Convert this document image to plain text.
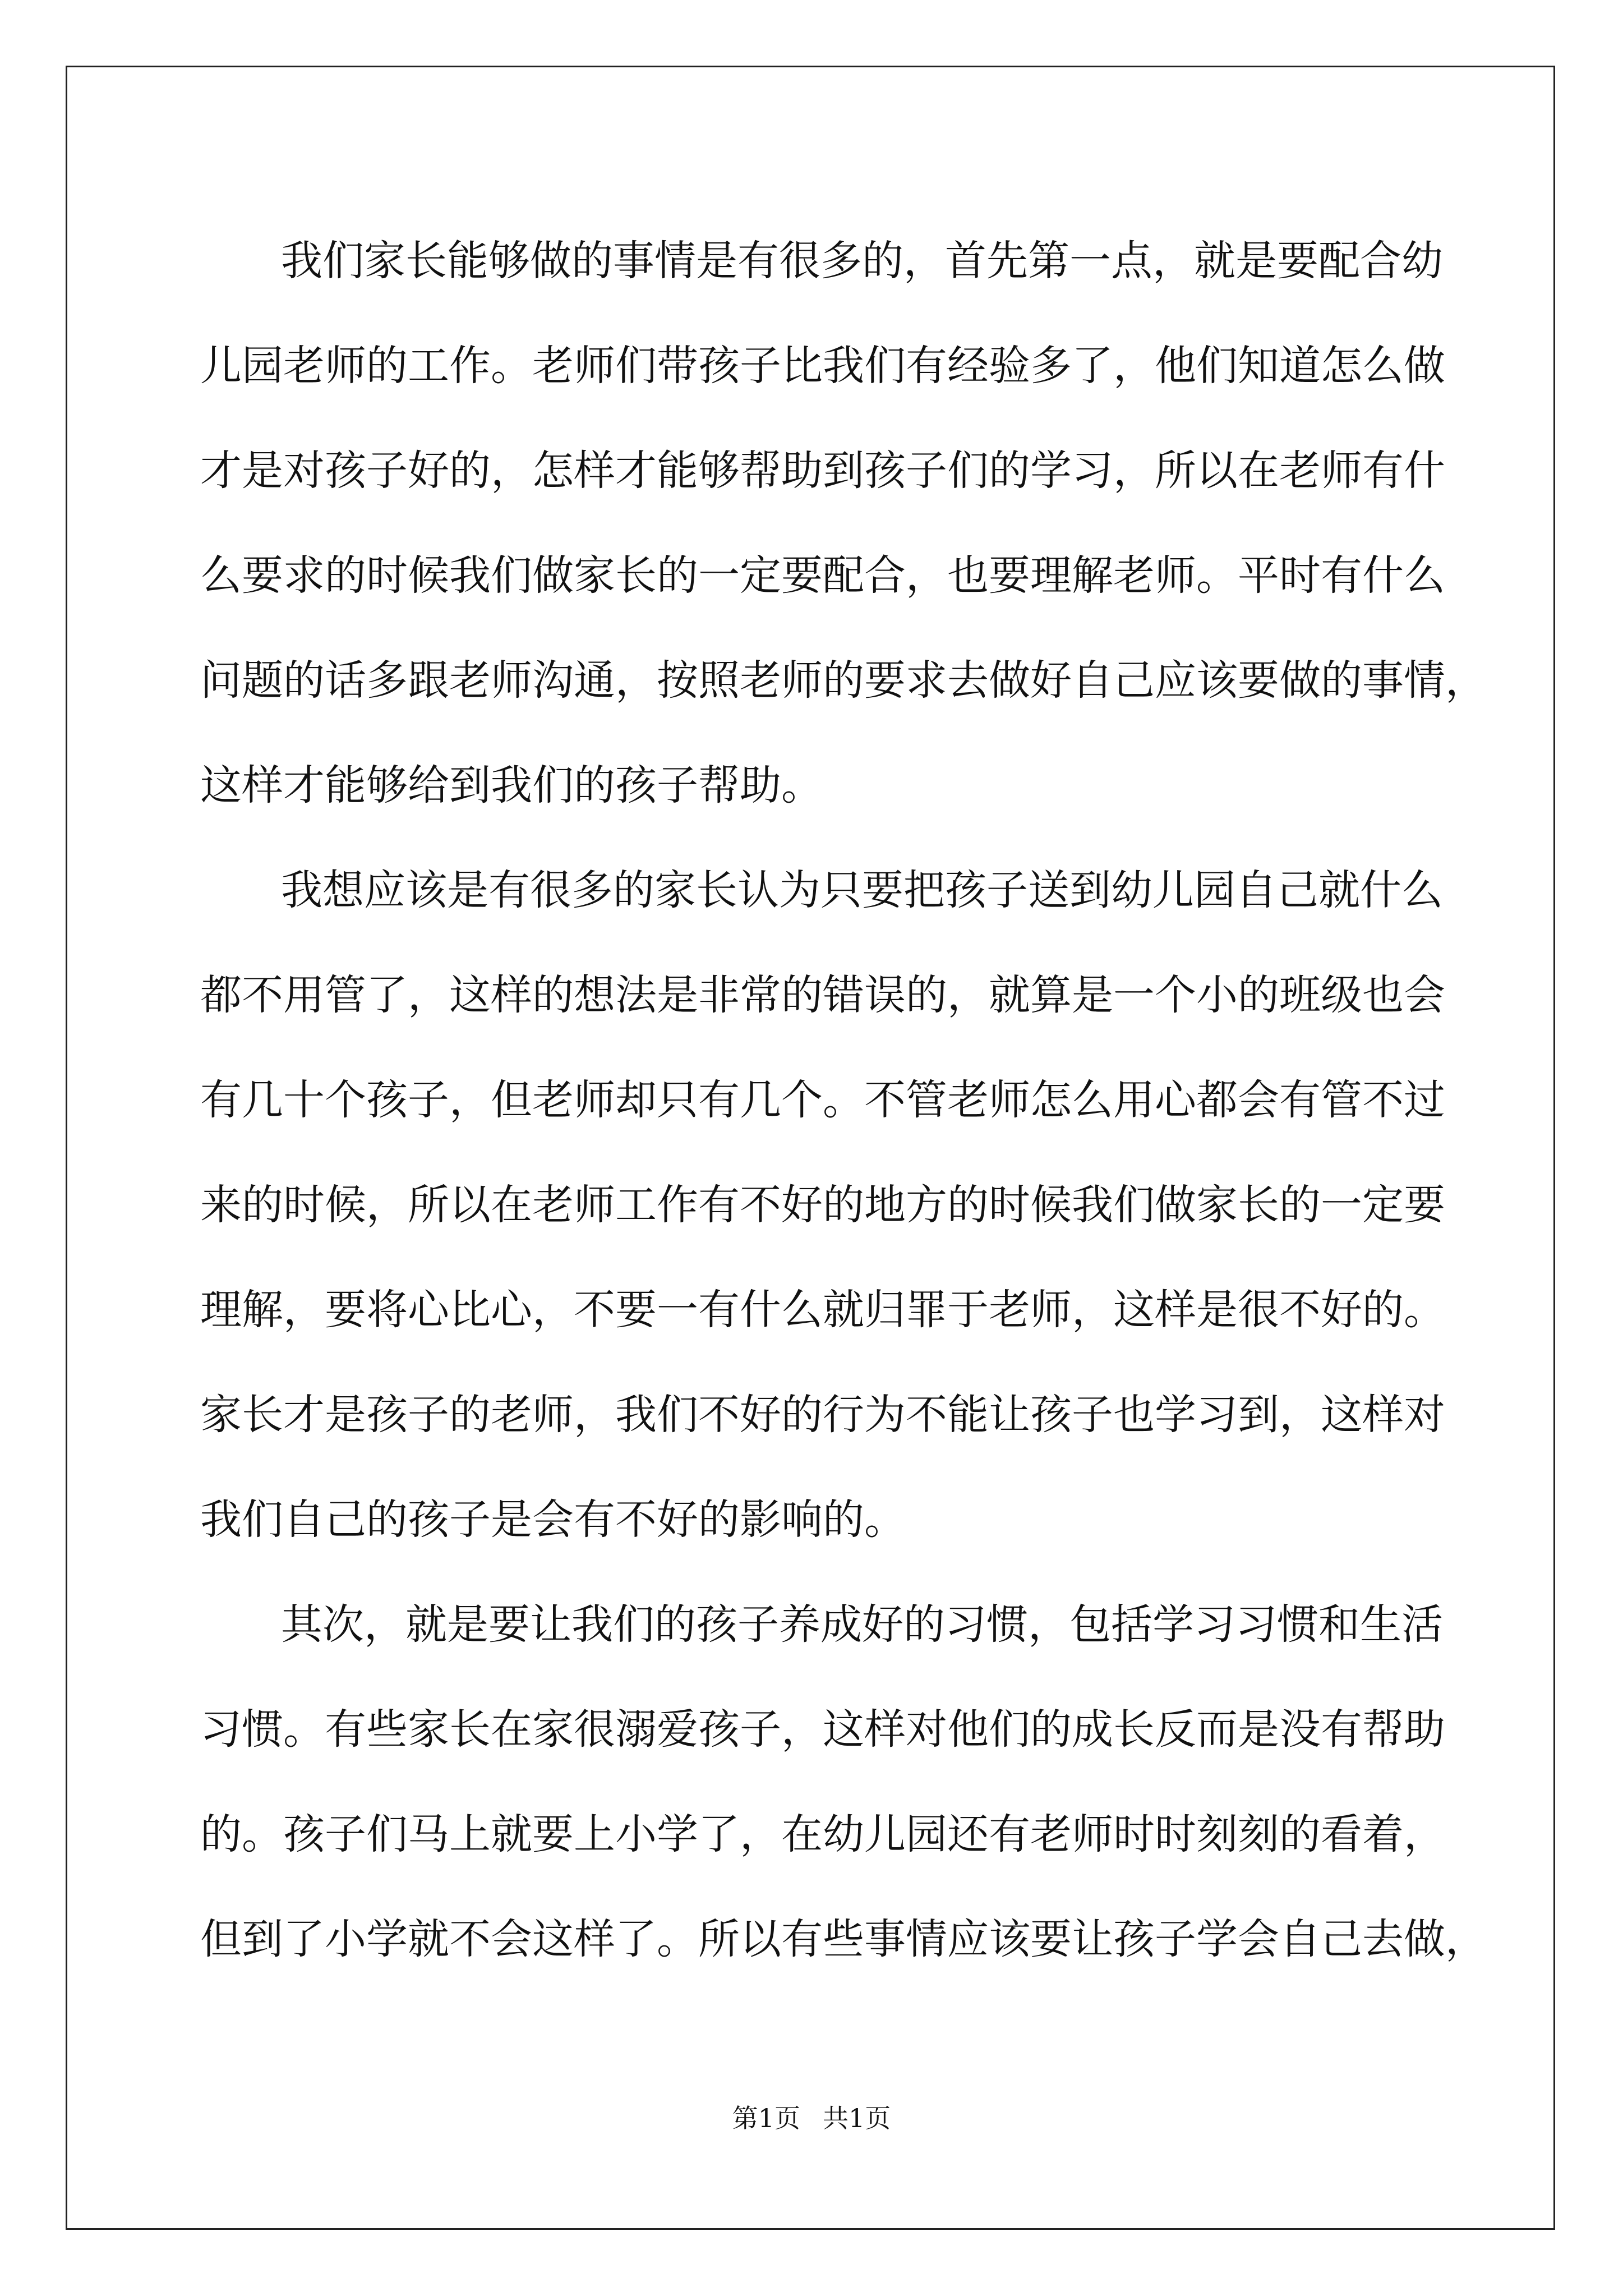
我们家长能够做的事情是有很多的，首先第一点，就是要配合幼
儿园老师的工作。老师们带孩子比我们有经验多了，他们知道怎么做
才是对孩子好的，怎样才能够帮助到孩子们的学习，所以在老师有什
么要求的时候我们做家长的一定要配合，也要理解老师。平时有什么
问题的话多跟老师沟通，按照老师的要求去做好自己应该要做的事情，
这样才能够给到我们的孩子帮助。
我想应该是有很多的家长认为只要把孩子送到幼儿园自己就什么
都不用管了，这样的想法是非常的错误的，就算是一个小的班级也会
有几十个孩子，但老师却只有几个。不管老师怎么用心都会有管不过
来的时候，所以在老师工作有不好的地方的时候我们做家长的一定要
理解，要将心比心，不要一有什么就归罪于老师，这样是很不好的。
家长才是孩子的老师，我们不好的行为不能让孩子也学习到，这样对
我们自己的孩子是会有不好的影响的。
其次，就是要让我们的孩子养成好的习惯，包括学习习惯和生活
习惯。有些家长在家很溺爱孩子，这样对他们的成长反而是没有帮助
的。孩子们马上就要上小学了，在幼儿园还有老师时时刻刻的看着，
但到了小学就不会这样了。所以有些事情应该要让孩子学会自己去做，
第1页 共1页
